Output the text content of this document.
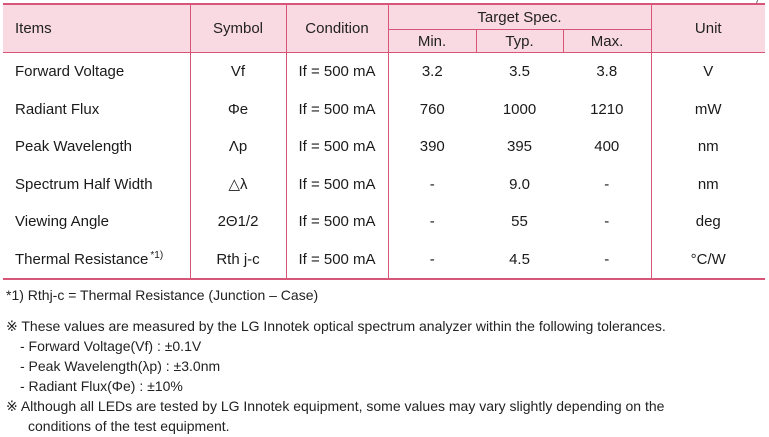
Items	Symbol	Condition	Target Spec.			Unit
			Min.	Typ.	Max.	
Forward Voltage	Vf	If = 500 mA	3.2	3.5	3.8	V
Radiant Flux	Φe	If = 500 mA	760	1000	1210	mW
Peak Wavelength	Λp	If = 500 mA	390	395	400	nm
Spectrum Half Width	△λ	If = 500 mA	-	9.0	-	nm
Viewing Angle	2Θ1/2	If = 500 mA	-	55	-	deg
Thermal Resistance $^{*1)}$	Rth j-c	If = 500 mA	-	4.5	-	°C/W

*1) Rthj-c = Thermal Resistance (Junction – Case)

※ These values are measured by the LG Innotek optical spectrum analyzer within the following tolerances.

- Forward Voltage(Vf) : ±0.1V

- Peak Wavelength(λp) : ±3.0nm

- Radiant Flux(Φe) : ±10%

※ Although all LEDs are tested by LG Innotek equipment, some values may vary slightly depending on the

conditions of the test equipment.
